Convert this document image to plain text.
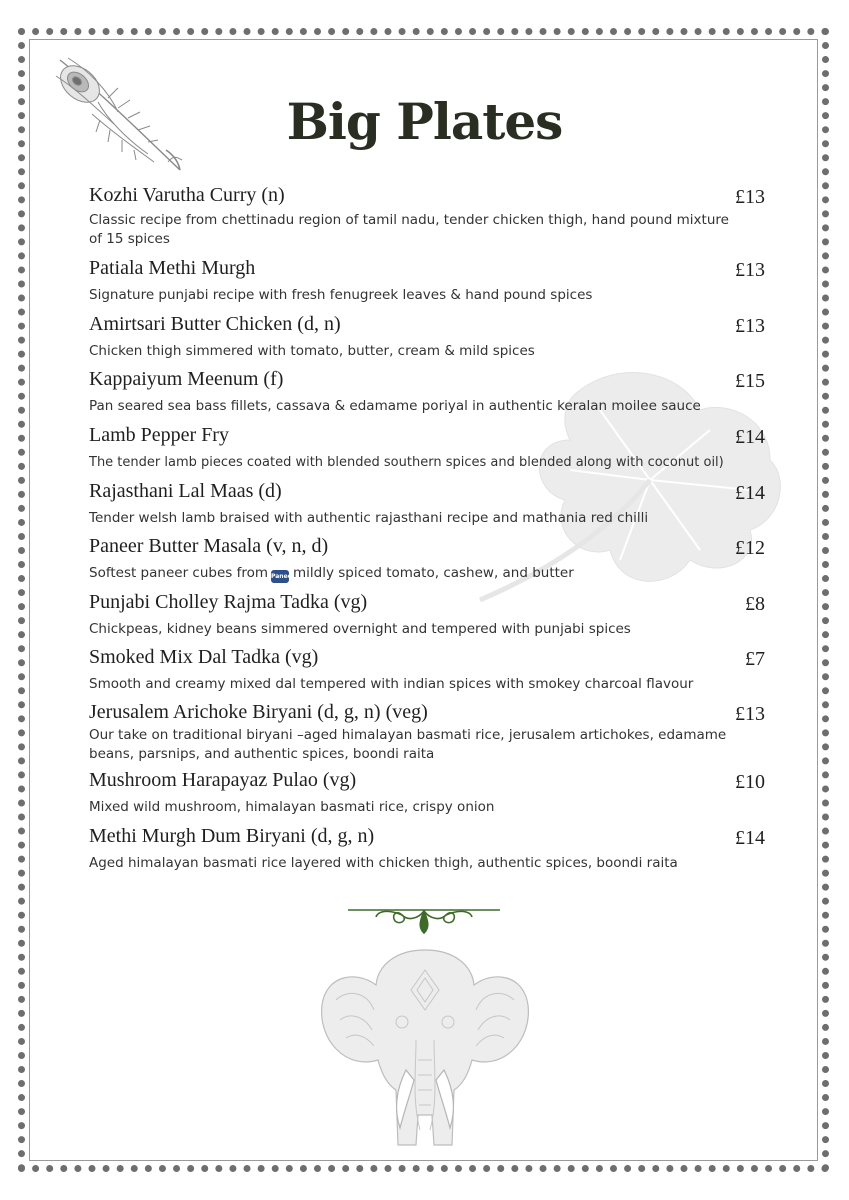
Big Plates
Kozhi Varutha Curry (n)	£13
Classic recipe from chettinadu region of tamil nadu, tender chicken thigh, hand pound mixture of 15 spices
Patiala Methi Murgh	£13
Signature punjabi recipe with fresh fenugreek leaves & hand pound spices
Amirtsari Butter Chicken (d, n)	£13
Chicken thigh simmered with tomato, butter, cream & mild spices
Kappaiyum Meenum (f)	£15
Pan seared sea bass fillets, cassava & edamame poriyal in authentic keralan moilee sauce
Lamb Pepper Fry	£14
The tender lamb pieces coated with blended southern spices and blended along with coconut oil)
Rajasthani Lal Maas (d)	£14
Tender welsh lamb braised with authentic rajasthani recipe and mathania red chilli
Paneer Butter Masala (v, n, d)	£12
Softest paneer cubes from Paneermildly spiced tomato, cashew, and butter
Punjabi Cholley Rajma Tadka (vg)	£8
Chickpeas, kidney beans simmered overnight and tempered with punjabi spices
Smoked Mix Dal Tadka (vg)	£7
Smooth and creamy mixed dal tempered with indian spices with smokey charcoal flavour
Jerusalem Arichoke Biryani (d, g, n) (veg)	£13
Our take on traditional biryani –aged himalayan basmati rice, jerusalem artichokes, edamame beans, parsnips, and authentic spices, boondi raita
Mushroom Harapayaz Pulao (vg)	£10
Mixed wild mushroom, himalayan basmati rice, crispy onion
Methi Murgh Dum Biryani (d, g, n)	£14
Aged himalayan basmati rice layered with chicken thigh, authentic spices, boondi raita
